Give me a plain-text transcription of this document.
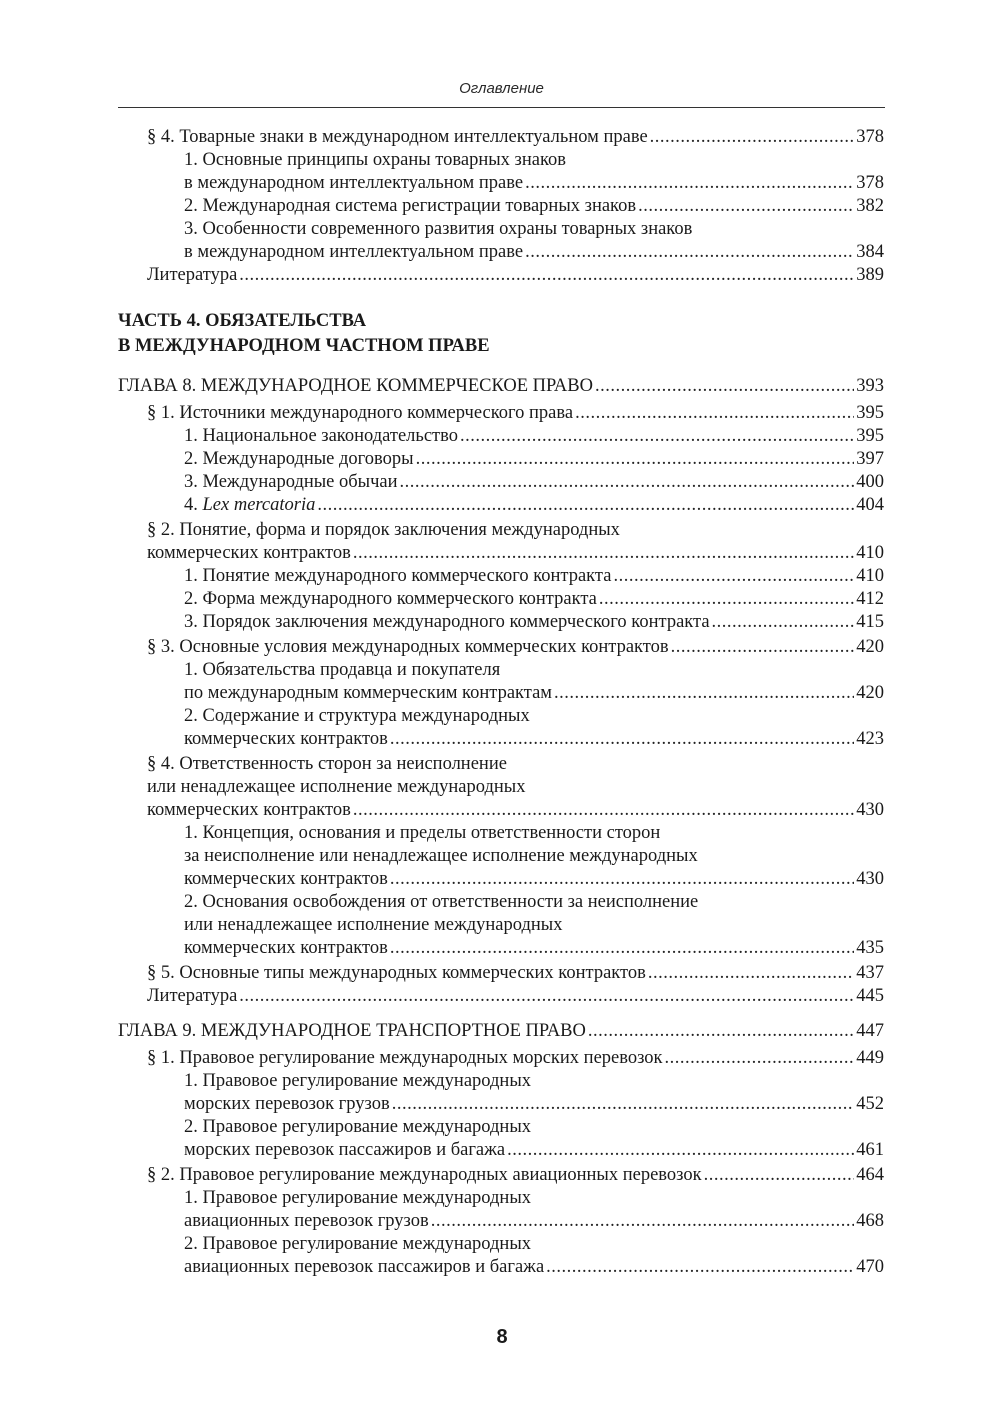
Оглавление
§ 4. Товарные знаки в международном интеллектуальном праве .....	378
1. Основные принципы охраны товарных знаков
в международном интеллектуальном праве .....	378
2. Международная система регистрации товарных знаков .....	382
3. Особенности современного развития охраны товарных знаков
в международном интеллектуальном праве .....	384
Литература .....	389
ЧАСТЬ 4. ОБЯЗАТЕЛЬСТВА
В МЕЖДУНАРОДНОМ ЧАСТНОМ ПРАВЕ
ГЛАВА 8. МЕЖДУНАРОДНОЕ КОММЕРЧЕСКОЕ ПРАВО .....	393
§ 1. Источники международного коммерческого права .....	395
1. Национальное законодательство .....	395
2. Международные договоры .....	397
3. Международные обычаи .....	400
4. Lex mercatoria .....	404
§ 2. Понятие, форма и порядок заключения международных
коммерческих контрактов .....	410
1. Понятие международного коммерческого контракта .....	410
2. Форма международного коммерческого контракта .....	412
3. Порядок заключения международного коммерческого контракта .....	415
§ 3. Основные условия международных коммерческих контрактов .....	420
1. Обязательства продавца и покупателя
по международным коммерческим контрактам .....	420
2. Содержание и структура международных
коммерческих контрактов .....	423
§ 4. Ответственность сторон за неисполнение
или ненадлежащее исполнение международных
коммерческих контрактов .....	430
1. Концепция, основания и пределы ответственности сторон
за неисполнение или ненадлежащее исполнение международных
коммерческих контрактов .....	430
2. Основания освобождения от ответственности за неисполнение
или ненадлежащее исполнение международных
коммерческих контрактов .....	435
§ 5. Основные типы международных коммерческих контрактов .....	437
Литература .....	445
ГЛАВА 9. МЕЖДУНАРОДНОЕ ТРАНСПОРТНОЕ ПРАВО .....	447
§ 1. Правовое регулирование международных морских перевозок .....	449
1. Правовое регулирование международных
морских перевозок грузов .....	452
2. Правовое регулирование международных
морских перевозок пассажиров и багажа .....	461
§ 2. Правовое регулирование международных авиационных перевозок .....	464
1. Правовое регулирование международных
авиационных перевозок грузов .....	468
2. Правовое регулирование международных
авиационных перевозок пассажиров и багажа .....	470
8
